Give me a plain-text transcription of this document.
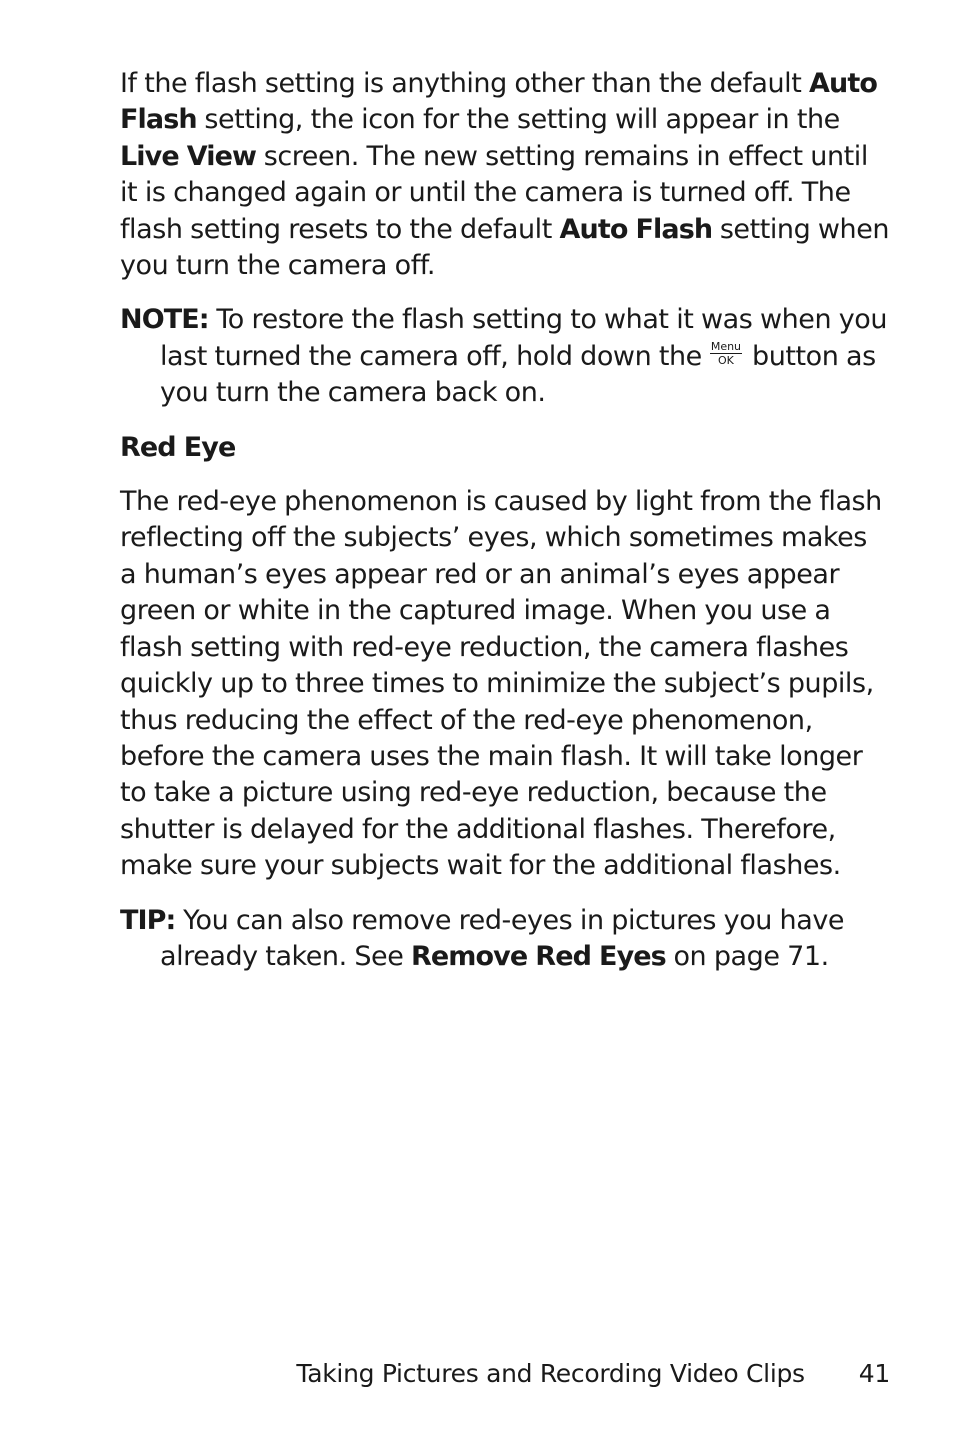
If the flash setting is anything other than the default Auto Flash setting, the icon for the setting will appear in the Live View screen. The new setting remains in effect until it is changed again or until the camera is turned off. The flash setting resets to the default Auto Flash setting when you turn the camera off.

NOTE: To restore the flash setting to what it was when you last turned the camera off, hold down the Menu
OK button as you turn the camera back on.

Red Eye

The red-eye phenomenon is caused by light from the flash reflecting off the subjects’ eyes, which sometimes makes a human’s eyes appear red or an animal’s eyes appear green or white in the captured image. When you use a flash setting with red-eye reduction, the camera flashes quickly up to three times to minimize the subject’s pupils, thus reducing the effect of the red-eye phenomenon, before the camera uses the main flash. It will take longer to take a picture using red-eye reduction, because the shutter is delayed for the additional flashes. Therefore, make sure your subjects wait for the additional flashes.

TIP: You can also remove red-eyes in pictures you have already taken. See Remove Red Eyes on page 71.

Taking Pictures and Recording Video Clips 41
